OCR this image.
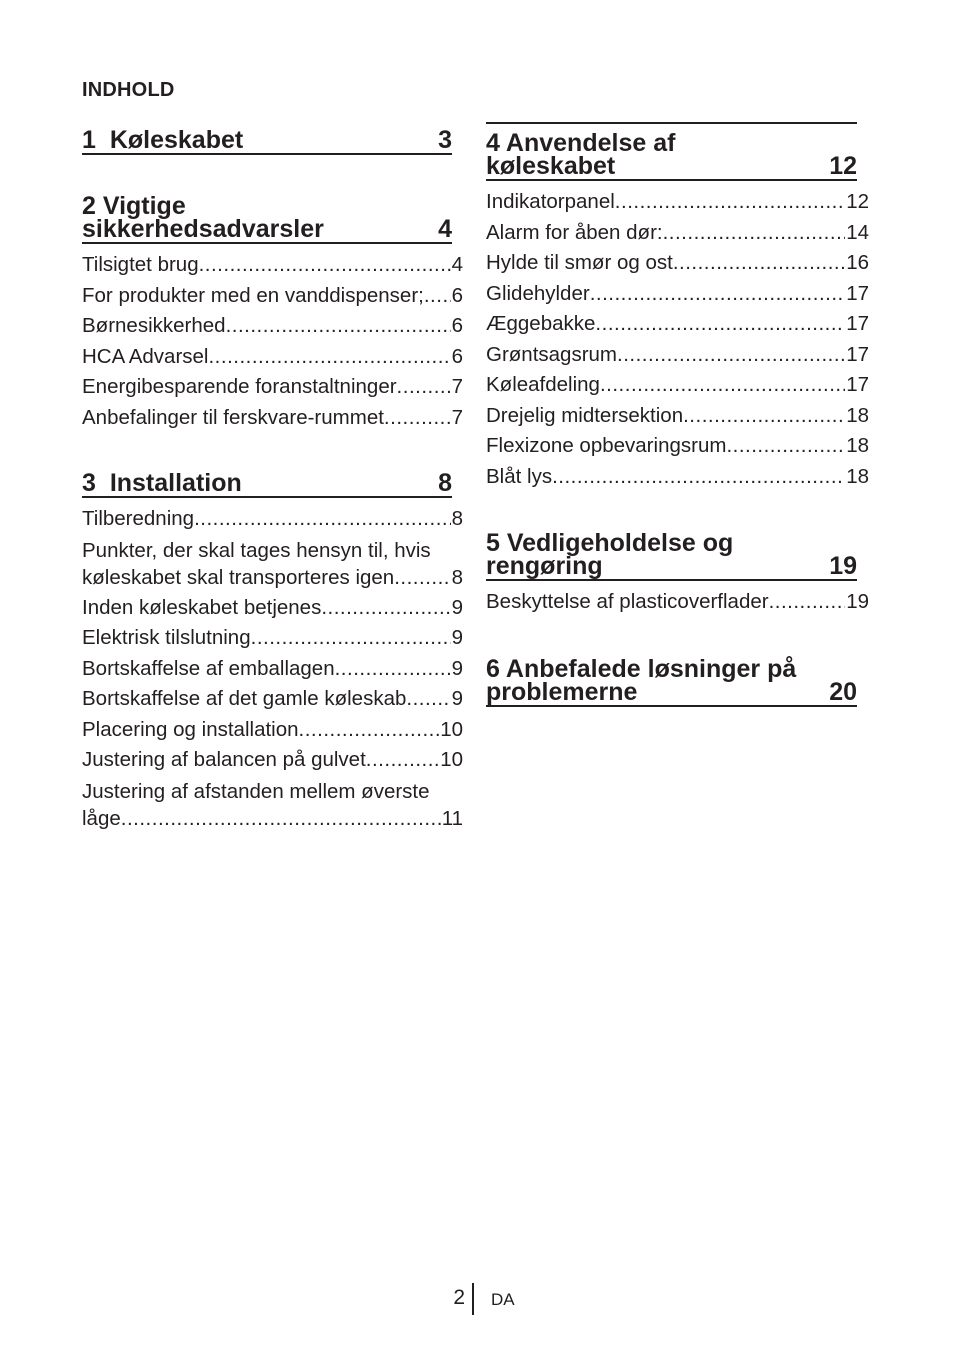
INDHOLD
1 Køleskabet	3
2 Vigtige
sikkerhedsadvarsler	4
Tilsigtet brug .....	4
For produkter med en vanddispenser; ..... 6
Børnesikkerhed .....	6
HCA Advarsel .....	6
Energibesparende foranstaltninger .....	7
Anbefalinger til ferskvare-rummet .....	7
3 Installation	8
Tilberedning .....	8
Punkter, der skal tages hensyn til, hvis
køleskabet skal transporteres igen .....	8
Inden køleskabet betjenes .....	9
Elektrisk tilslutning .....	9
Bortskaffelse af emballagen .....	9
Bortskaffelse af det gamle køleskab ..... 9
Placering og installation .....	10
Justering af balancen på gulvet .....	10
Justering af afstanden mellem øverste
låge .....	11
4 Anvendelse af
køleskabet	12
Indikatorpanel .....	12
Alarm for åben dør: .....	14
Hylde til smør og ost .....	16
Glidehylder .....	17
Æggebakke .....	17
Grøntsagsrum .....	17
Køleafdeling .....	17
Drejelig midtersektion .....	18
Flexizone opbevaringsrum .....	18
Blåt lys .....	18
5 Vedligeholdelse og
rengøring	19
Beskyttelse af plasticoverflader .....	19
6 Anbefalede løsninger på
problemerne	20
2 DA
